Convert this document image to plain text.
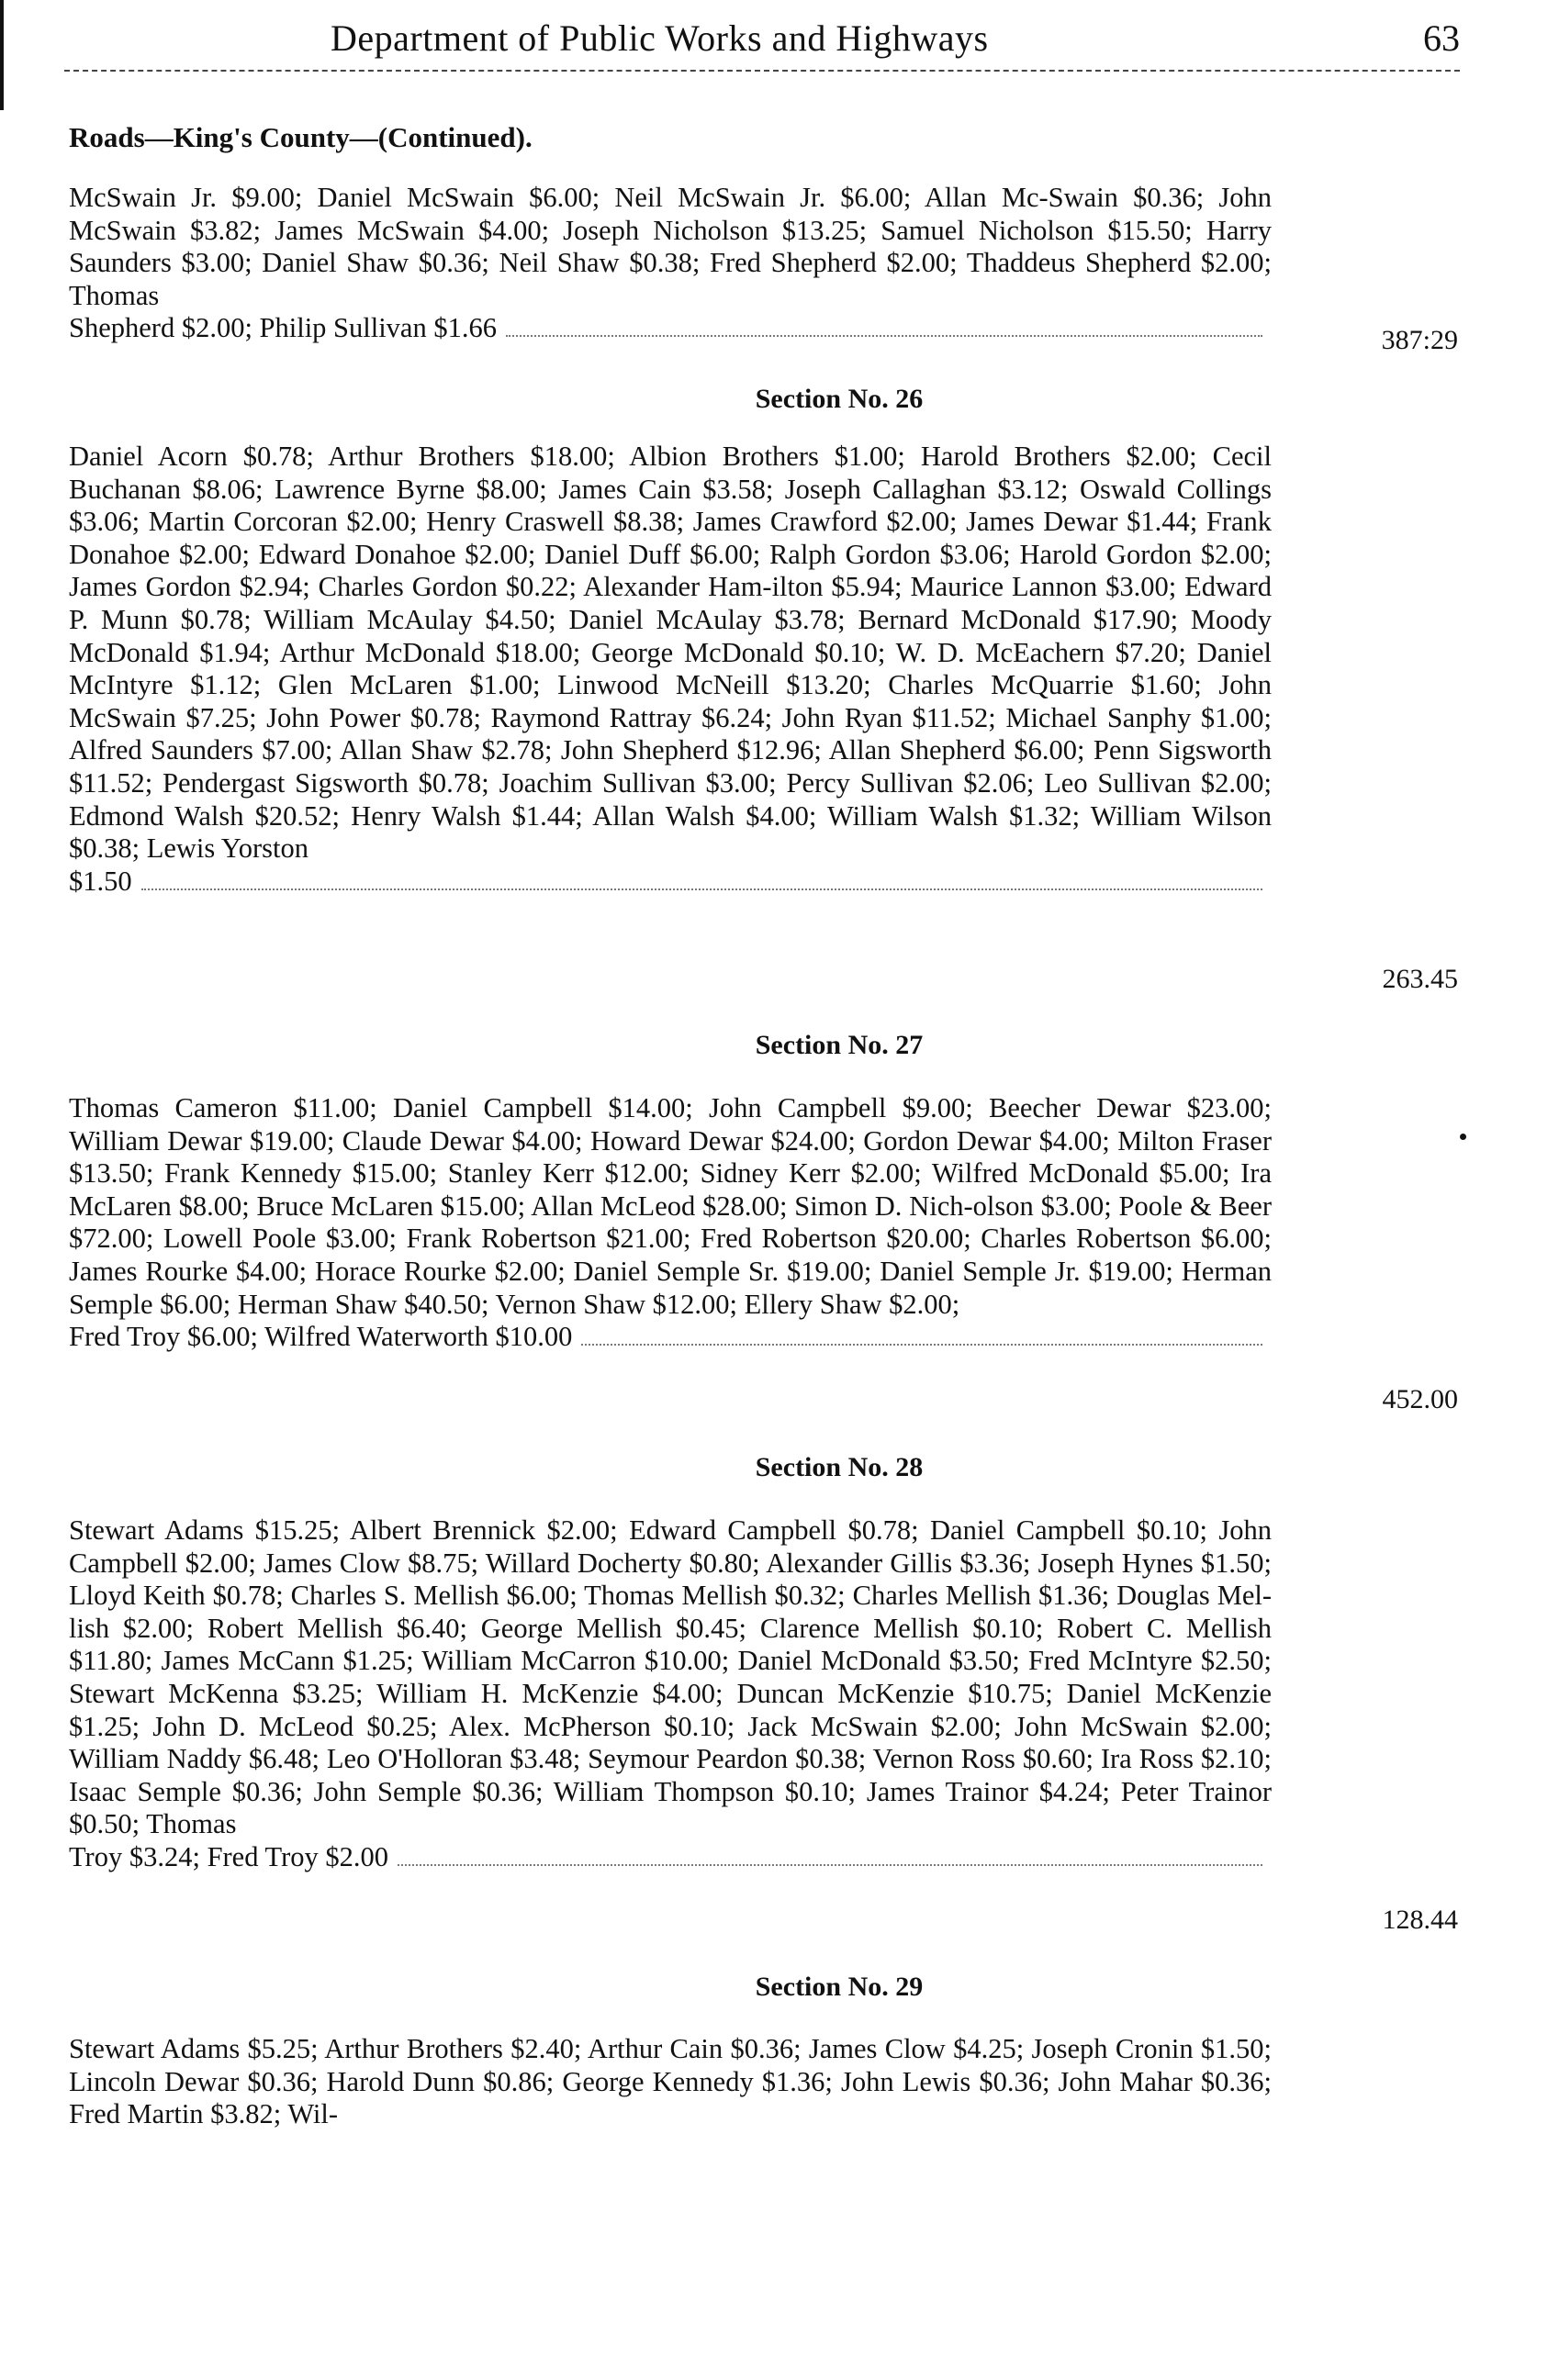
Department of Public Works and Highways	63
Roads—King's County—(Continued).

McSwain Jr. $9.00; Daniel McSwain $6.00; Neil McSwain Jr. $6.00; Allan Mc-Swain $0.36; John McSwain $3.82; James McSwain $4.00; Joseph Nicholson $13.25; Samuel Nicholson $15.50; Harry Saunders $3.00; Daniel Shaw $0.36; Neil Shaw $0.38; Fred Shepherd $2.00; Thaddeus Shepherd $2.00; Thomas

Shepherd $2.00; Philip Sullivan $1.66	387:29
Section No. 26

Daniel Acorn $0.78; Arthur Brothers $18.00; Albion Brothers $1.00; Harold Brothers $2.00; Cecil Buchanan $8.06; Lawrence Byrne $8.00; James Cain $3.58; Joseph Callaghan $3.12; Oswald Collings $3.06; Martin Corcoran $2.00; Henry Craswell $8.38; James Crawford $2.00; James Dewar $1.44; Frank Donahoe $2.00; Edward Donahoe $2.00; Daniel Duff $6.00; Ralph Gordon $3.06; Harold Gordon $2.00; James Gordon $2.94; Charles Gordon $0.22; Alexander Ham-ilton $5.94; Maurice Lannon $3.00; Edward P. Munn $0.78; William McAulay $4.50; Daniel McAulay $3.78; Bernard McDonald $17.90; Moody McDonald $1.94; Arthur McDonald $18.00; George McDonald $0.10; W. D. McEachern $7.20; Daniel McIntyre $1.12; Glen McLaren $1.00; Linwood McNeill $13.20; Charles McQuarrie $1.60; John McSwain $7.25; John Power $0.78; Raymond Rattray $6.24; John Ryan $11.52; Michael Sanphy $1.00; Alfred Saunders $7.00; Allan Shaw $2.78; John Shepherd $12.96; Allan Shepherd $6.00; Penn Sigsworth $11.52; Pendergast Sigsworth $0.78; Joachim Sullivan $3.00; Percy Sullivan $2.06; Leo Sullivan $2.00; Edmond Walsh $20.52; Henry Walsh $1.44; Allan Walsh $4.00; William Walsh $1.32; William Wilson $0.38; Lewis Yorston

$1.50
263.45
Section No. 27

Thomas Cameron $11.00; Daniel Campbell $14.00; John Campbell $9.00; Beecher Dewar $23.00; William Dewar $19.00; Claude Dewar $4.00; Howard Dewar $24.00; Gordon Dewar $4.00; Milton Fraser $13.50; Frank Kennedy $15.00; Stanley Kerr $12.00; Sidney Kerr $2.00; Wilfred McDonald $5.00; Ira McLaren $8.00; Bruce McLaren $15.00; Allan McLeod $28.00; Simon D. Nich-olson $3.00; Poole & Beer $72.00; Lowell Poole $3.00; Frank Robertson $21.00; Fred Robertson $20.00; Charles Robertson $6.00; James Rourke $4.00; Horace Rourke $2.00; Daniel Semple Sr. $19.00; Daniel Semple Jr. $19.00; Herman Semple $6.00; Herman Shaw $40.50; Vernon Shaw $12.00; Ellery Shaw $2.00;

Fred Troy $6.00; Wilfred Waterworth $10.00
452.00
Section No. 28

Stewart Adams $15.25; Albert Brennick $2.00; Edward Campbell $0.78; Daniel Campbell $0.10; John Campbell $2.00; James Clow $8.75; Willard Docherty $0.80; Alexander Gillis $3.36; Joseph Hynes $1.50; Lloyd Keith $0.78; Charles S. Mellish $6.00; Thomas Mellish $0.32; Charles Mellish $1.36; Douglas Mel-lish $2.00; Robert Mellish $6.40; George Mellish $0.45; Clarence Mellish $0.10; Robert C. Mellish $11.80; James McCann $1.25; William McCarron $10.00; Daniel McDonald $3.50; Fred McIntyre $2.50; Stewart McKenna $3.25; William H. McKenzie $4.00; Duncan McKenzie $10.75; Daniel McKenzie $1.25; John D. McLeod $0.25; Alex. McPherson $0.10; Jack McSwain $2.00; John McSwain $2.00; William Naddy $6.48; Leo O'Holloran $3.48; Seymour Peardon $0.38; Vernon Ross $0.60; Ira Ross $2.10; Isaac Semple $0.36; John Semple $0.36; William Thompson $0.10; James Trainor $4.24; Peter Trainor $0.50; Thomas

Troy $3.24; Fred Troy $2.00
128.44
Section No. 29

Stewart Adams $5.25; Arthur Brothers $2.40; Arthur Cain $0.36; James Clow $4.25; Joseph Cronin $1.50; Lincoln Dewar $0.36; Harold Dunn $0.86; George Kennedy $1.36; John Lewis $0.36; John Mahar $0.36; Fred Martin $3.82; Wil-
